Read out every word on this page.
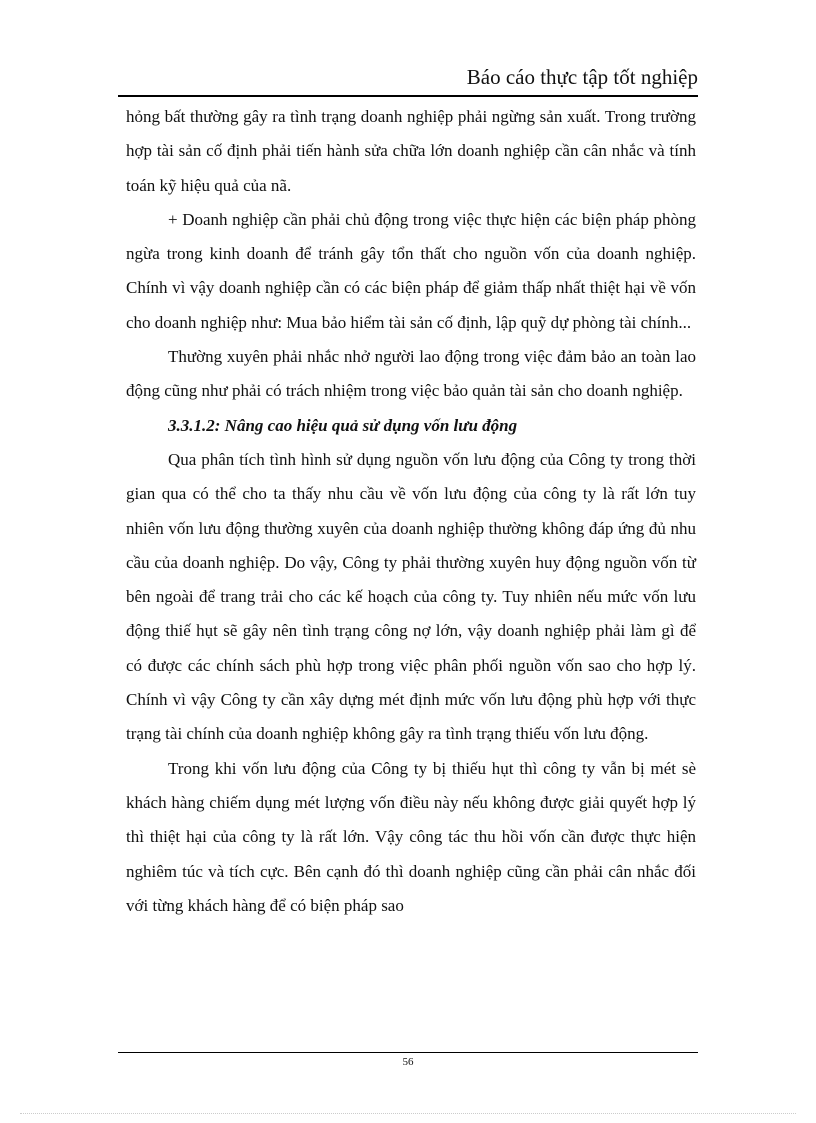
Báo cáo thực tập tốt nghiệp

hỏng bất thường gây ra tình trạng doanh nghiệp phải ngừng sản xuất. Trong trường hợp tài sản cố định phải tiến hành sửa chữa lớn doanh nghiệp cần cân nhắc và tính toán kỹ hiệu quả của nã.

+ Doanh nghiệp cần phải chủ động trong việc thực hiện các biện pháp phòng ngừa trong kinh doanh để tránh gây tổn thất cho nguồn vốn của doanh nghiệp. Chính vì vậy doanh nghiệp cần có các biện pháp để giảm thấp nhất thiệt hại về vốn cho doanh nghiệp như: Mua bảo hiểm tài sản cố định, lập quỹ dự phòng tài chính...

Thường xuyên phải nhắc nhở người lao động trong việc đảm bảo an toàn lao động cũng như phải có trách nhiệm trong việc bảo quản tài sản cho doanh nghiệp.

3.3.1.2: Nâng cao hiệu quả sử dụng vốn lưu động

Qua phân tích tình hình sử dụng nguồn vốn lưu động của Công ty trong thời gian qua có thể cho ta thấy nhu cầu về vốn lưu động của công ty là rất lớn tuy nhiên vốn lưu động thường xuyên của doanh nghiệp thường không đáp ứng đủ nhu cầu của doanh nghiệp. Do vậy, Công ty phải thường xuyên huy động nguồn vốn từ bên ngoài để trang trải cho các kế hoạch của công ty. Tuy nhiên nếu mức vốn lưu động thiế hụt sẽ gây nên tình trạng công nợ lớn, vậy doanh nghiệp phải làm gì để có được các chính sách phù hợp trong việc phân phối nguồn vốn sao cho hợp lý. Chính vì vậy Công ty cần xây dựng mét định mức vốn lưu động phù hợp với thực trạng tài chính của doanh nghiệp không gây ra tình trạng thiếu vốn lưu động.

Trong khi vốn lưu động của Công ty bị thiếu hụt thì công ty vẫn bị mét sè khách hàng chiếm dụng mét lượng vốn điều này nếu không được giải quyết hợp lý thì thiệt hại của công ty là rất lớn. Vậy công tác thu hồi vốn cần được thực hiện nghiêm túc và tích cực. Bên cạnh đó thì doanh nghiệp cũng cần phải cân nhắc đối với từng khách hàng để có biện pháp sao

56
